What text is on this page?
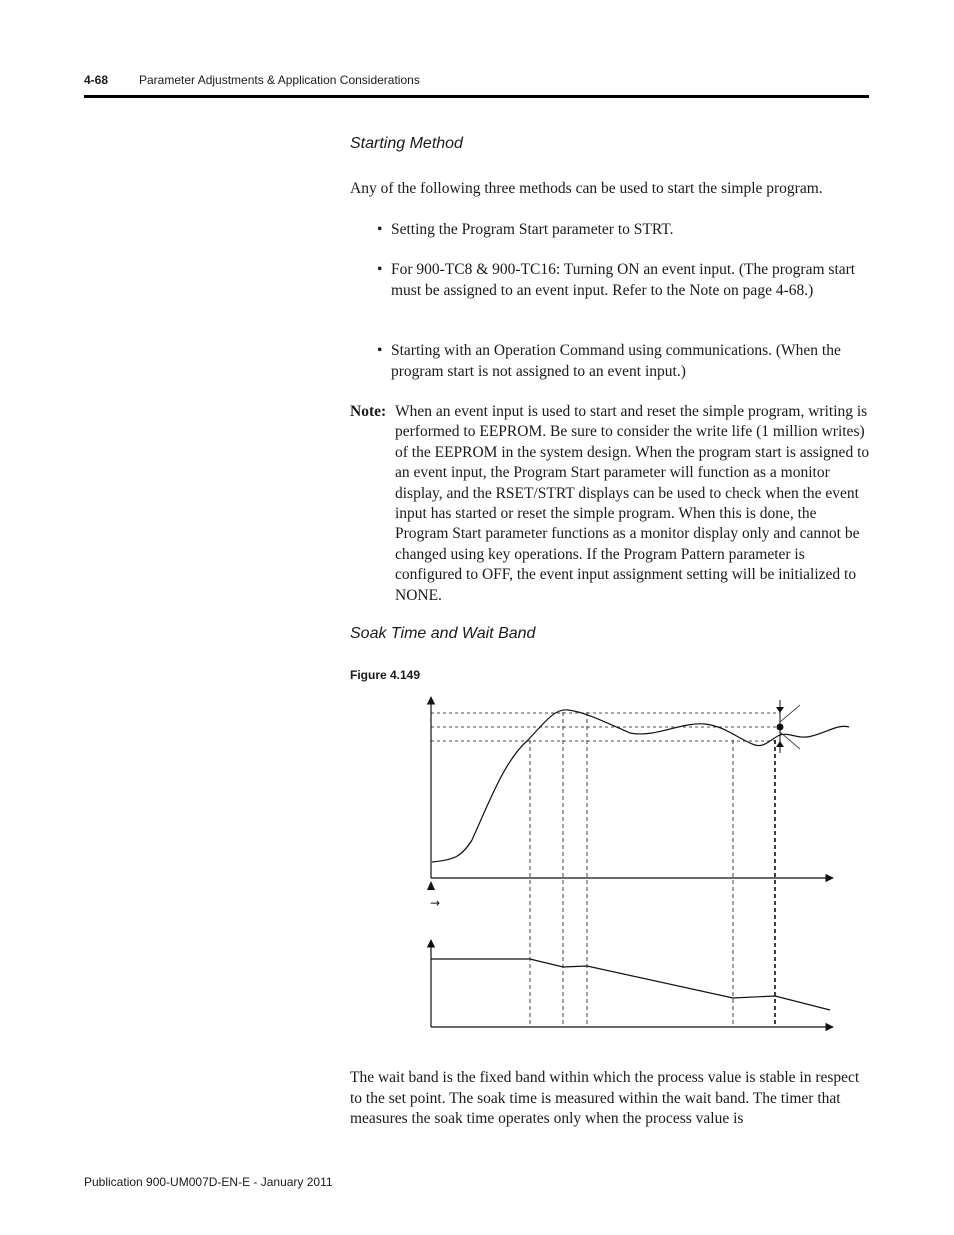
4-68	Parameter Adjustments & Application Considerations
Starting Method
Any of the following three methods can be used to start the simple program.
• Setting the Program Start parameter to STRT.
• For 900-TC8 & 900-TC16: Turning ON an event input. (The program start must be assigned to an event input. Refer to the Note on page 4-68.)
• Starting with an Operation Command using communications. (When the program start is not assigned to an event input.)
Note: When an event input is used to start and reset the simple program, writing is performed to EEPROM. Be sure to consider the write life (1 million writes) of the EEPROM in the system design. When the program start is assigned to an event input, the Program Start parameter will function as a monitor display, and the RSET/STRT displays can be used to check when the event input has started or reset the simple program. When this is done, the Program Start parameter functions as a monitor display only and cannot be changed using key operations. If the Program Pattern parameter is configured to OFF, the event input assignment setting will be initialized to NONE.
Soak Time and Wait Band
Figure 4.149
→
The wait band is the fixed band within which the process value is stable in respect to the set point. The soak time is measured within the wait band. The timer that measures the soak time operates only when the process value is
Publication 900-UM007D-EN-E - January 2011
